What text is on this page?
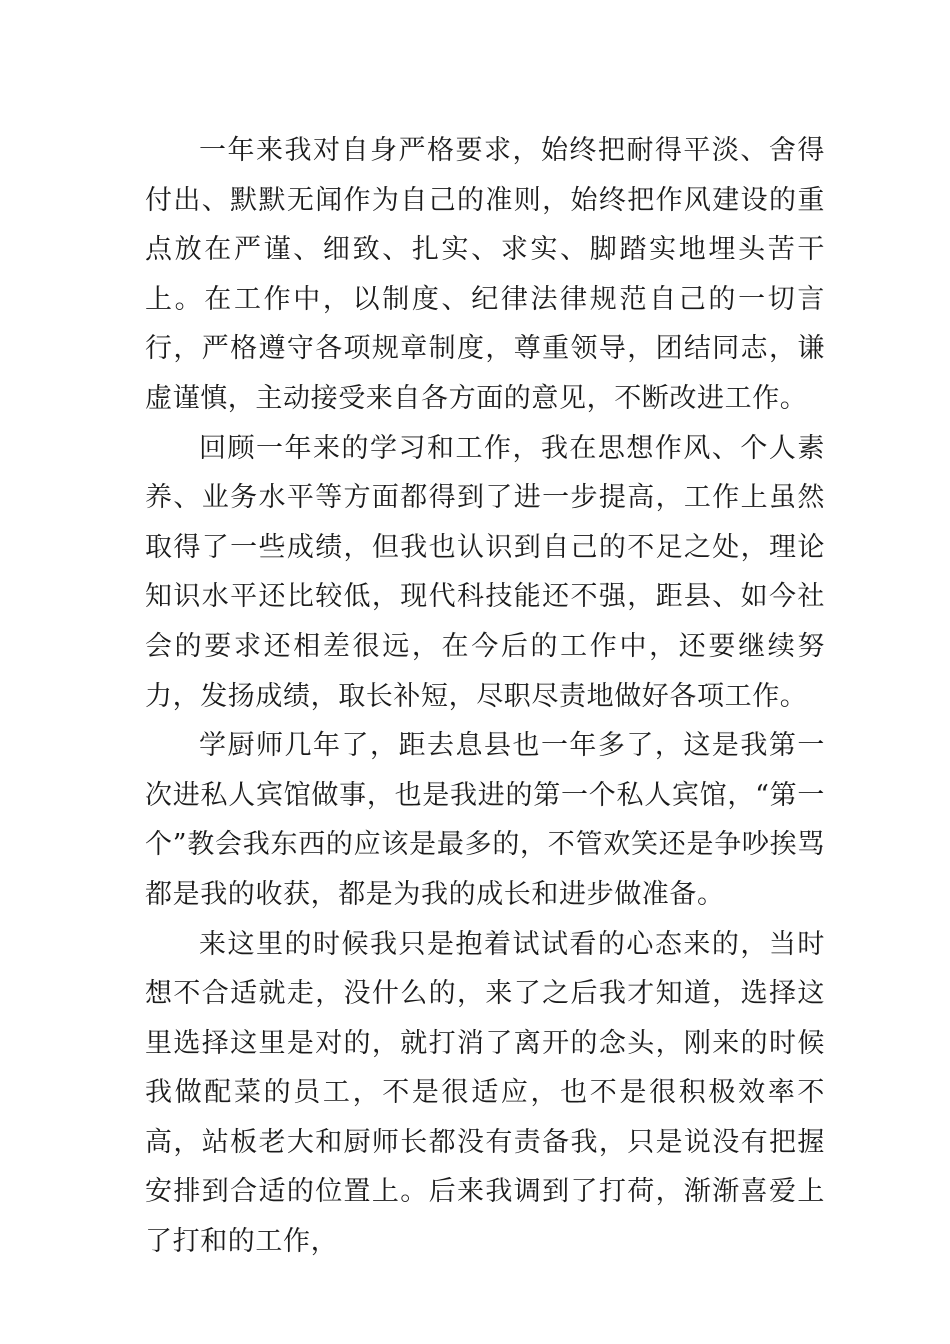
一年来我对自身严格要求，始终把耐得平淡、舍得付出、默默无闻作为自己的准则，始终把作风建设的重点放在严谨、细致、扎实、求实、脚踏实地埋头苦干上。在工作中，以制度、纪律法律规范自己的一切言行，严格遵守各项规章制度，尊重领导，团结同志，谦虚谨慎，主动接受来自各方面的意见，不断改进工作。

回顾一年来的学习和工作，我在思想作风、个人素养、业务水平等方面都得到了进一步提高，工作上虽然取得了一些成绩，但我也认识到自己的不足之处，理论知识水平还比较低，现代科技能还不强，距县、如今社会的要求还相差很远，在今后的工作中，还要继续努力，发扬成绩，取长补短，尽职尽责地做好各项工作。

学厨师几年了，距去息县也一年多了，这是我第一次进私人宾馆做事，也是我进的第一个私人宾馆，“第一个”教会我东西的应该是最多的，不管欢笑还是争吵挨骂都是我的收获，都是为我的成长和进步做准备。

来这里的时候我只是抱着试试看的心态来的，当时想不合适就走，没什么的，来了之后我才知道，选择这里选择这里是对的，就打消了离开的念头，刚来的时候我做配菜的员工，不是很适应，也不是很积极效率不高，站板老大和厨师长都没有责备我，只是说没有把握安排到合适的位置上。后来我调到了打荷，渐渐喜爱上了打和的工作，
